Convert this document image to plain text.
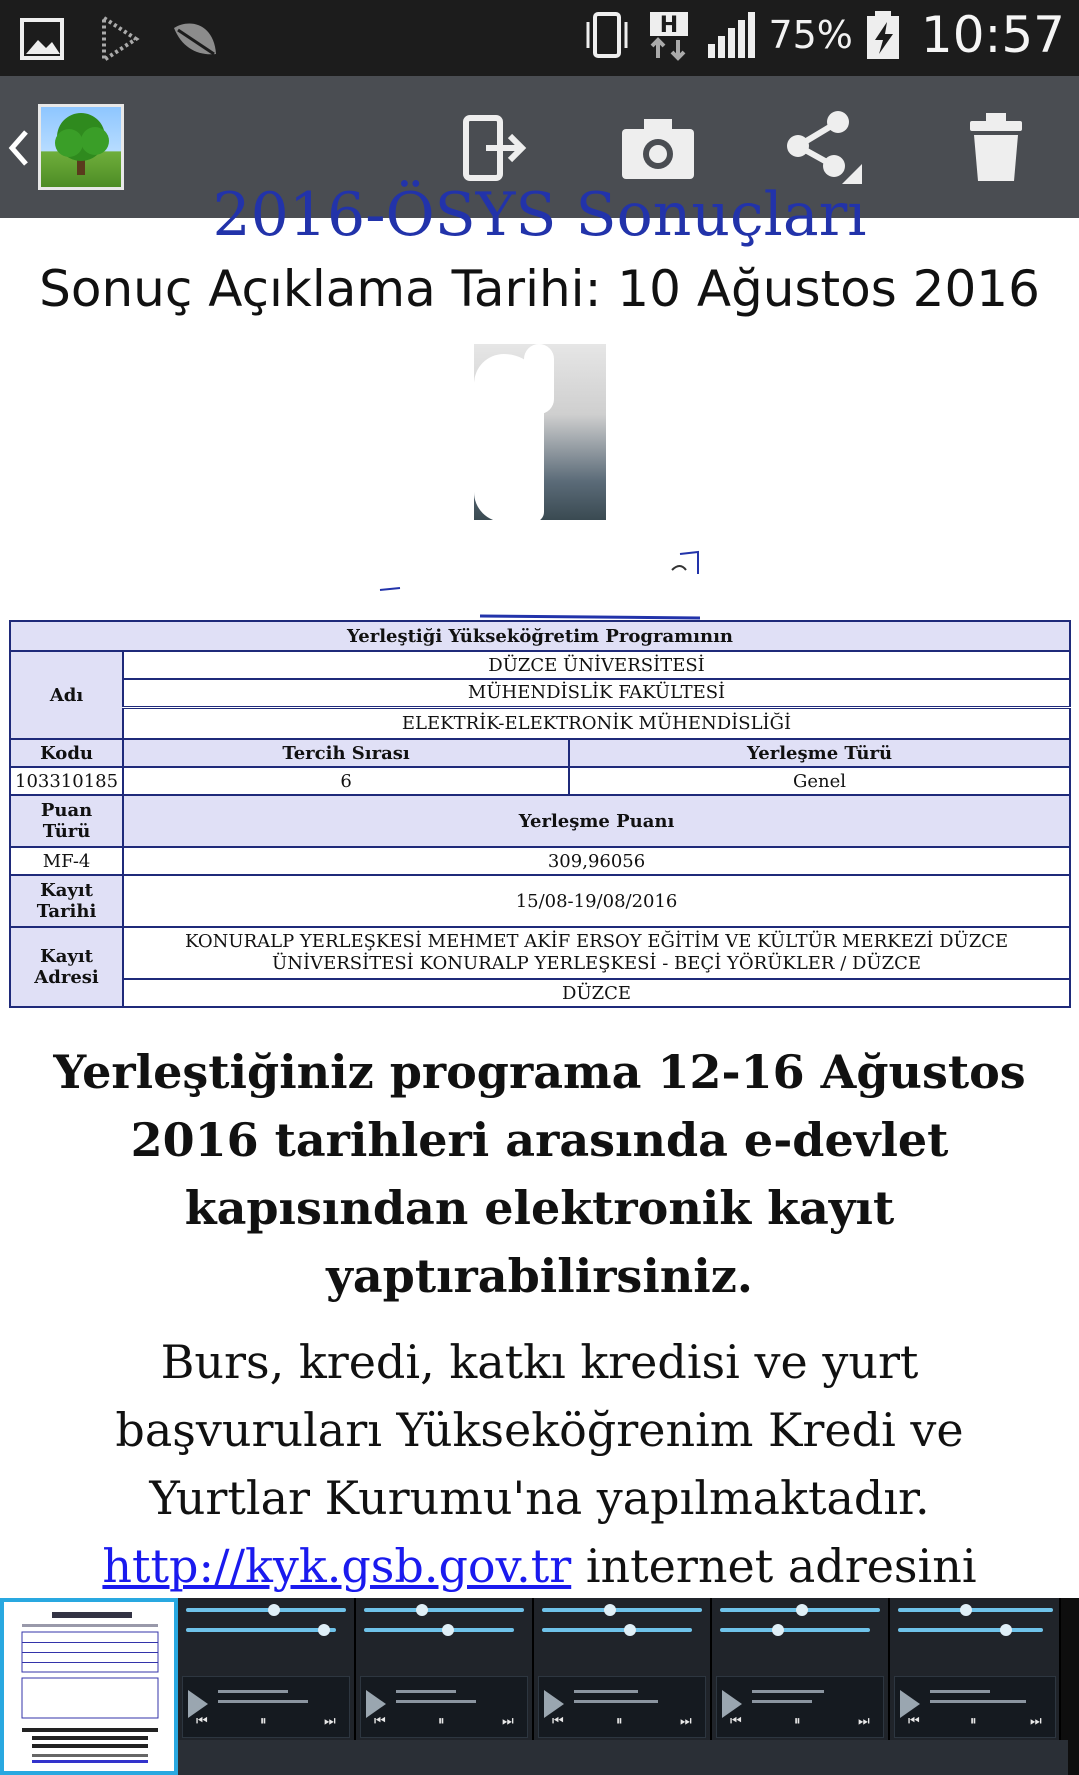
H 75% 10:57
2016-ÖSYS Sonuçları
Sonuç Açıklama Tarihi: 10 Ağustos 2016
Yerleştiği Yükseköğretim Programının		
Adı	DÜZCE ÜNİVERSİTESİ	
	MÜHENDİSLİK FAKÜLTESİ	
	ELEKTRİK-ELEKTRONİK MÜHENDİSLİĞİ	
Kodu	Tercih Sırası	Yerleşme Türü
103310185	6	Genel
Puan Türü	Yerleşme Puanı	
MF-4	309,96056	
Kayıt Tarihi	15/08-19/08/2016	
Kayıt Adresi	KONURALP YERLEŞKESİ MEHMET AKİF ERSOY EĞİTİM VE KÜLTÜR MERKEZİ DÜZCE ÜNİVERSİTESİ KONURALP YERLEŞKESİ - BEÇİ YÖRÜKLER / DÜZCE	
	DÜZCE	
Yerleştiğiniz programa 12-16 Ağustos 2016 tarihleri arasında e-devlet kapısından elektronik kayıt yaptırabilirsiniz.
Burs, kredi, katkı kredisi ve yurt başvuruları Yükseköğrenim Kredi ve Yurtlar Kurumu'na yapılmaktadır. http://kyk.gsb.gov.tr internet adresini
⏮	⏸	⏭	⏮	⏸	⏭	⏮	⏸	⏭	⏮	⏸	⏭	⏮	⏸	⏭
